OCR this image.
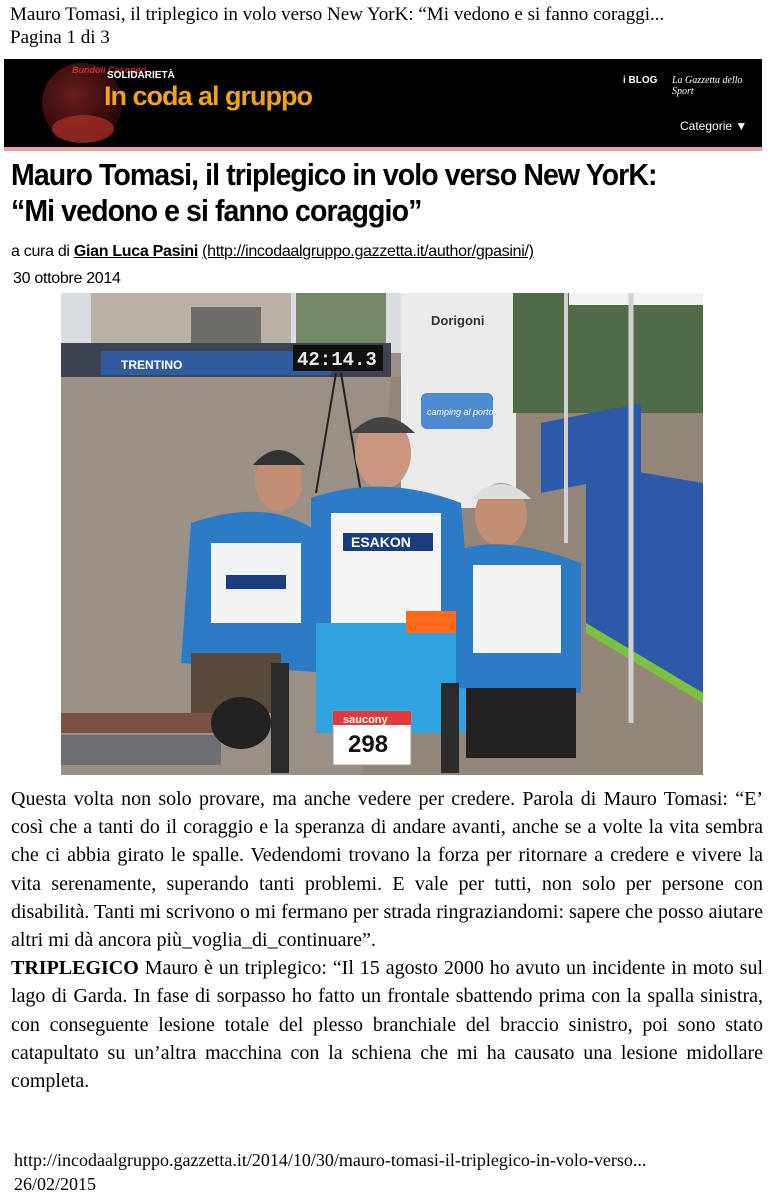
Mauro Tomasi, il triplegico in volo verso New YorK: “Mi vedono e si fanno coraggi...
Pagina 1 di 3
Bundoli Casoneri
SOLIDARIETÀ
In coda al gruppo
i BLOG La Gazzetta dello Sport
Categorie ▼
Mauro Tomasi, il triplegico in volo verso New YorK:
“Mi vedono e si fanno coraggio”
a cura di Gian Luca Pasini (http://incodaalgruppo.gazzetta.it/author/gpasini/)
30 ottobre 2014
42:14.3
Dorigoni
camping al porto
TRENTINO
ESAKON
saucony
298

Questa volta non solo provare, ma anche vedere per credere. Parola di Mauro Tomasi: “E’ così che a tanti do il coraggio e la speranza di andare avanti, anche se a volte la vita sembra che ci abbia girato le spalle. Vedendomi trovano la forza per ritornare a credere e vivere la vita serenamente, superando tanti problemi. E vale per tutti, non solo per persone con disabilità. Tanti mi scrivono o mi fermano per strada ringraziandomi: sapere che posso aiutare altri mi dà ancora più_voglia_di_continuare”.

TRIPLEGICO Mauro è un triplegico: “Il 15 agosto 2000 ho avuto un incidente in moto sul lago di Garda. In fase di sorpasso ho fatto un frontale sbattendo prima con la spalla sinistra, con conseguente lesione totale del plesso branchiale del braccio sinistro, poi sono stato catapultato su un’altra macchina con la schiena che mi ha causato una lesione midollare completa.

http://incodaalgruppo.gazzetta.it/2014/10/30/mauro-tomasi-il-triplegico-in-volo-verso...
26/02/2015
